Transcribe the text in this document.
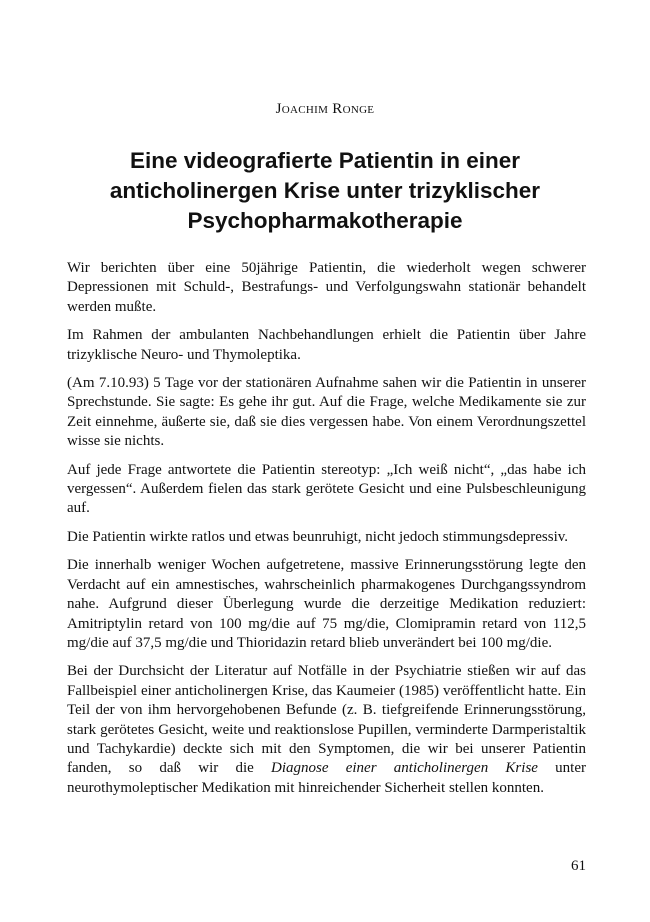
Joachim Ronge
Eine videografierte Patientin in einer
anticholinergen Krise unter trizyklischer
Psychopharmakotherapie

Wir berichten über eine 50jährige Patientin, die wiederholt wegen schwerer Depressionen mit Schuld-, Bestrafungs- und Verfolgungswahn stationär behandelt werden mußte.

Im Rahmen der ambulanten Nachbehandlungen erhielt die Patientin über Jahre trizyklische Neuro- und Thymoleptika.

(Am 7.10.93) 5 Tage vor der stationären Aufnahme sahen wir die Patientin in unserer Sprechstunde. Sie sagte: Es gehe ihr gut. Auf die Frage, welche Medikamente sie zur Zeit einnehme, äußerte sie, daß sie dies vergessen habe. Von einem Verordnungszettel wisse sie nichts.

Auf jede Frage antwortete die Patientin stereotyp: „Ich weiß nicht“, „das habe ich vergessen“. Außerdem fielen das stark gerötete Gesicht und eine Pulsbeschleunigung auf.

Die Patientin wirkte ratlos und etwas beunruhigt, nicht jedoch stimmungsdepressiv.

Die innerhalb weniger Wochen aufgetretene, massive Erinnerungsstörung legte den Verdacht auf ein amnestisches, wahrscheinlich pharmakogenes Durchgangssyndrom nahe. Aufgrund dieser Überlegung wurde die derzeitige Medikation reduziert: Amitriptylin retard von 100 mg/die auf 75 mg/die, Clomipramin retard von 112,5 mg/die auf 37,5 mg/die und Thioridazin retard blieb unverändert bei 100 mg/die.

Bei der Durchsicht der Literatur auf Notfälle in der Psychiatrie stießen wir auf das Fallbeispiel einer anticholinergen Krise, das Kaumeier (1985) veröffentlicht hatte. Ein Teil der von ihm hervorgehobenen Befunde (z. B. tiefgreifende Erinnerungsstörung, stark gerötetes Gesicht, weite und reaktionslose Pupillen, verminderte Darmperistaltik und Tachykardie) deckte sich mit den Symptomen, die wir bei unserer Patientin fanden, so daß wir die Diagnose einer anticholinergen Krise unter neurothymoleptischer Medikation mit hinreichender Sicherheit stellen konnten.

61
